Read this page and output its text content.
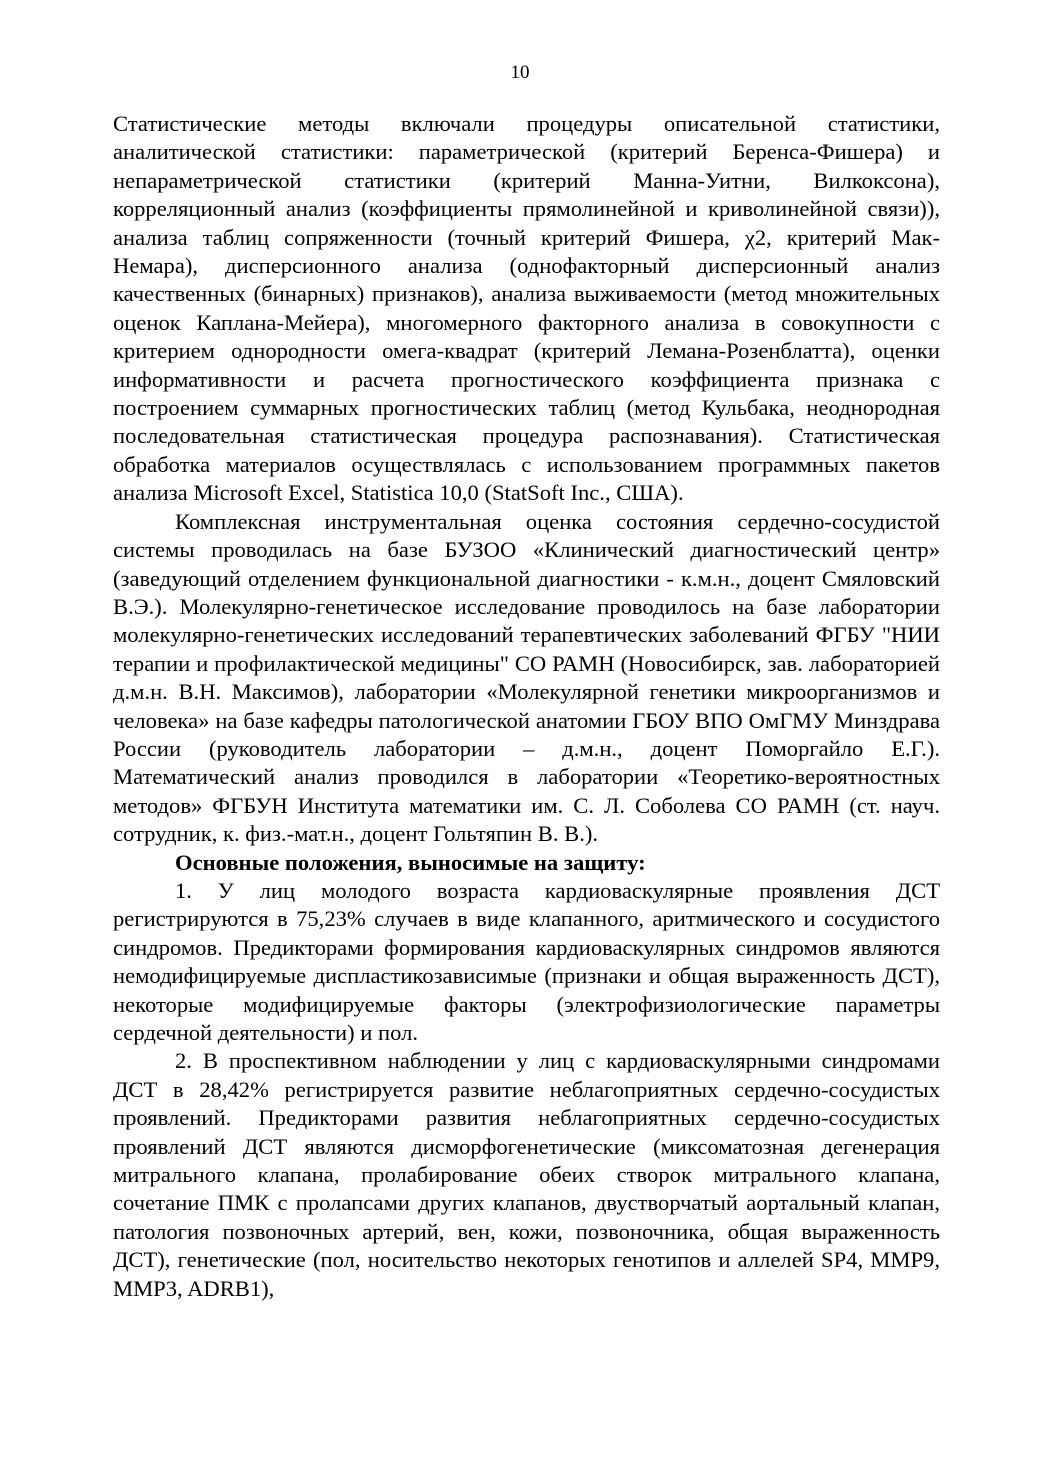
10

Статистические методы включали процедуры описательной статистики, аналитической статистики: параметрической (критерий Беренса-Фишера) и непараметрической статистики (критерий Манна-Уитни, Вилкоксона), корреляционный анализ (коэффициенты прямолинейной и криволинейной связи)), анализа таблиц сопряженности (точный критерий Фишера, χ2, критерий Мак-Немара), дисперсионного анализа (однофакторный дисперсионный анализ качественных (бинарных) признаков), анализа выживаемости (метод множительных оценок Каплана-Мейера), многомерного факторного анализа в совокупности с критерием однородности омега-квадрат (критерий Лемана-Розенблатта), оценки информативности и расчета прогностического коэффициента признака с построением суммарных прогностических таблиц (метод Кульбака, неоднородная последовательная статистическая процедура распознавания). Статистическая обработка материалов осуществлялась с использованием программных пакетов анализа Microsoft Excel, Statistica 10,0 (StatSoft Inc., США).

Комплексная инструментальная оценка состояния сердечно-сосудистой системы проводилась на базе БУЗОО «Клинический диагностический центр» (заведующий отделением функциональной диагностики - к.м.н., доцент Смяловский В.Э.). Молекулярно-генетическое исследование проводилось на базе лаборатории молекулярно-генетических исследований терапевтических заболеваний ФГБУ "НИИ терапии и профилактической медицины" СО РАМН (Новосибирск, зав. лабораторией д.м.н. В.Н. Максимов), лаборатории «Молекулярной генетики микроорганизмов и человека» на базе кафедры патологической анатомии ГБОУ ВПО ОмГМУ Минздрава России (руководитель лаборатории – д.м.н., доцент Поморгайло Е.Г.). Математический анализ проводился в лаборатории «Теоретико-вероятностных методов» ФГБУН Института математики им. С. Л. Соболева СО РАМН (ст. науч. сотрудник, к. физ.-мат.н., доцент Гольтяпин В. В.).

Основные положения, выносимые на защиту:

1. У лиц молодого возраста кардиоваскулярные проявления ДСТ регистрируются в 75,23% случаев в виде клапанного, аритмического и сосудистого синдромов. Предикторами формирования кардиоваскулярных синдромов являются немодифицируемые диспластикозависимые (признаки и общая выраженность ДСТ), некоторые модифицируемые факторы (электрофизиологические параметры сердечной деятельности) и пол.

2. В проспективном наблюдении у лиц с кардиоваскулярными синдромами ДСТ в 28,42% регистрируется развитие неблагоприятных сердечно-сосудистых проявлений. Предикторами развития неблагоприятных сердечно-сосудистых проявлений ДСТ являются дисморфогенетические (миксоматозная дегенерация митрального клапана, пролабирование обеих створок митрального клапана, сочетание ПМК с пролапсами других клапанов, двустворчатый аортальный клапан, патология позвоночных артерий, вен, кожи, позвоночника, общая выраженность ДСТ), генетические (пол, носительство некоторых генотипов и аллелей SP4, MMP9, MMP3, ADRB1),
